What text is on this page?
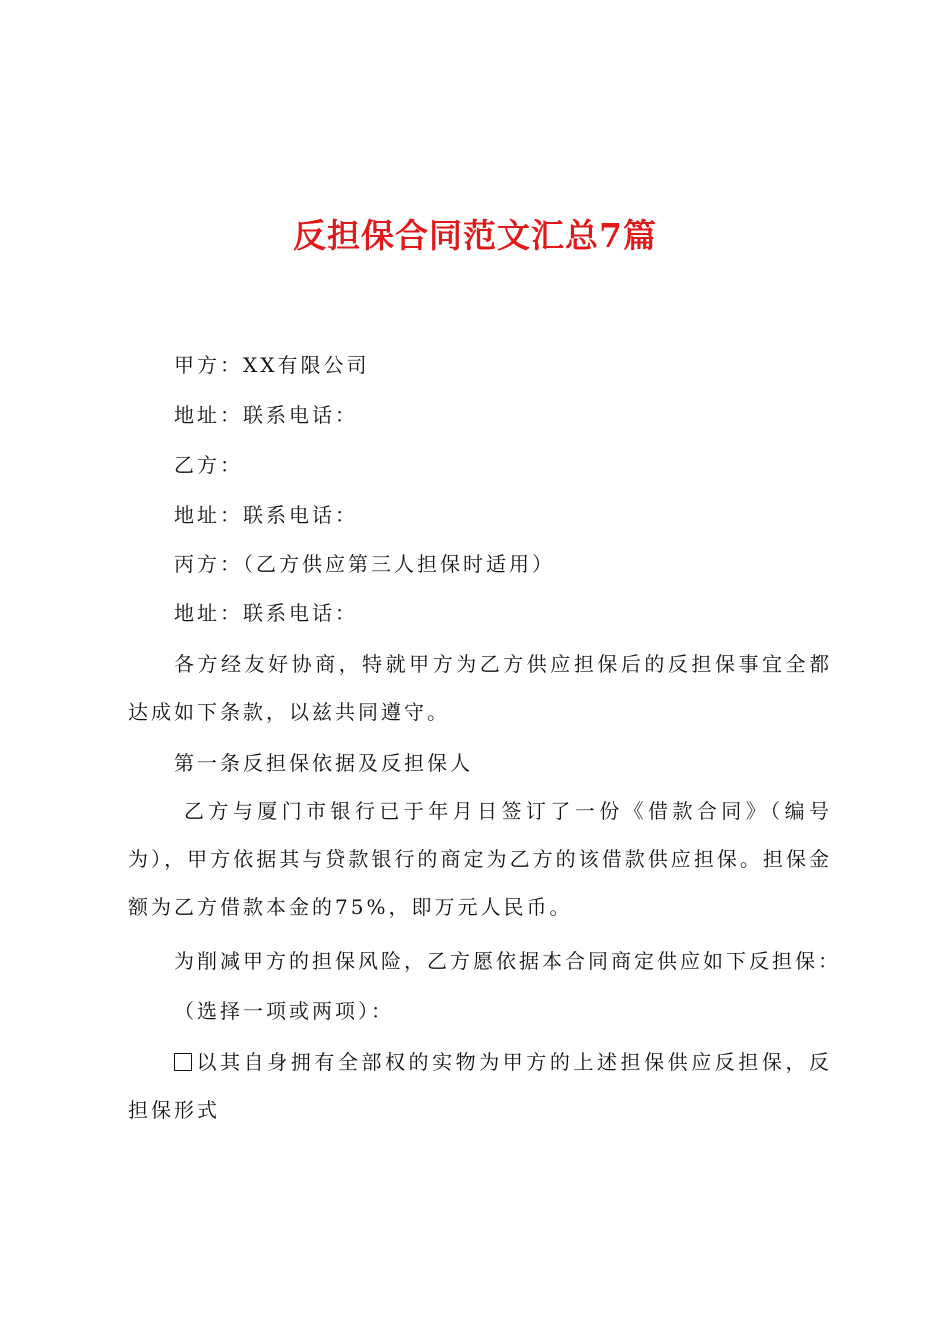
反担保合同范文汇总7篇
甲方：XX有限公司
地址：联系电话：
乙方：
地址：联系电话：
丙方：（乙方供应第三人担保时适用）
地址：联系电话：
各方经友好协商，特就甲方为乙方供应担保后的反担保事宜全都达成如下条款，以兹共同遵守。
第一条反担保依据及反担保人
乙方与厦门市银行已于年月日签订了一份《借款合同》（编号为），甲方依据其与贷款银行的商定为乙方的该借款供应担保。担保金额为乙方借款本金的75%，即万元人民币。
为削减甲方的担保风险，乙方愿依据本合同商定供应如下反担保：
（选择一项或两项）：
以其自身拥有全部权的实物为甲方的上述担保供应反担保，反担保形式
